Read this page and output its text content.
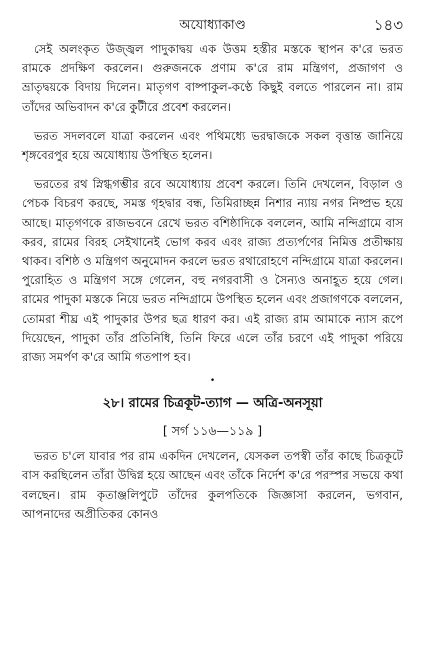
অযোধ্যাকাণ্ড	১৪৩

সেই অলংকৃত উজ্জ্বল পাদুকাদ্বয় এক উত্তম হস্তীর মস্তকে স্থাপন ক'রে ভরত রামকে প্রদক্ষিণ করলেন। গুরুজনকে প্রণাম ক'রে রাম মন্ত্রিগণ, প্রজাগণ ও ভ্রাতৃদ্বয়কে বিদায় দিলেন। মাতৃগণ বাষ্পাকুল-কণ্ঠে কিছুই বলতে পারলেন না। রাম তাঁদের অভিবাদন ক'রে কুটীরে প্রবেশ করলেন।

ভরত সদলবলে যাত্রা করলেন এবং পথিমধ্যে ভরদ্বাজকে সকল বৃত্তান্ত জানিয়ে শৃঙ্গবেরপুর হয়ে অযোধ্যায় উপস্থিত হলেন।

ভরতের রথ স্নিগ্ধগম্ভীর রবে অযোধ্যায় প্রবেশ করলে। তিনি দেখলেন, বিড়াল ও পেচক বিচরণ করছে, সমস্ত গৃহদ্বার বন্ধ, তিমিরাচ্ছন্ন নিশার ন্যায় নগর নিষ্প্রভ হয়ে আছে। মাতৃগণকে রাজভবনে রেখে ভরত বশিষ্ঠাদিকে বললেন, আমি নন্দিগ্রামে বাস করব, রামের বিরহ সেইখানেই ভোগ করব এবং রাজ্য প্রত্যর্পণের নিমিত্ত প্রতীক্ষায় থাকব। বশিষ্ঠ ও মন্ত্রিগণ অনুমোদন করলে ভরত রথারোহণে নন্দিগ্রামে যাত্রা করলেন। পুরোহিত ও মন্ত্রিগণ সঙ্গে গেলেন, বহু নগরবাসী ও সৈন্যও অনাহূত হয়ে গেল। রামের পাদুকা মস্তকে নিয়ে ভরত নন্দিগ্রামে উপস্থিত হলেন এবং প্রজাগণকে বললেন, তোমরা শীঘ্র এই পাদুকার উপর ছত্র ধারণ কর। এই রাজ্য রাম আমাকে ন্যাস রূপে দিয়েছেন, পাদুকা তাঁর প্রতিনিধি, তিনি ফিরে এলে তাঁর চরণে এই পাদুকা পরিয়ে রাজ্য সমর্পণ ক'রে আমি গতপাপ হব।

•
২৮। রামের চিত্রকূট-ত্যাগ — অত্রি-অনসূয়া
[ সর্গ ১১৬—১১৯ ]

ভরত চ'লে যাবার পর রাম একদিন দেখলেন, যেসকল তপস্বী তাঁর কাছে চিত্রকূটে বাস করছিলেন তাঁরা উদ্বিগ্ন হয়ে আছেন এবং তাঁকে নির্দেশ ক'রে পরস্পর সভয়ে কথা বলছেন। রাম কৃতাঞ্জলিপুটে তাঁদের কুলপতিকে জিজ্ঞাসা করলেন, ভগবান, আপনাদের অপ্রীতিকর কোনও
